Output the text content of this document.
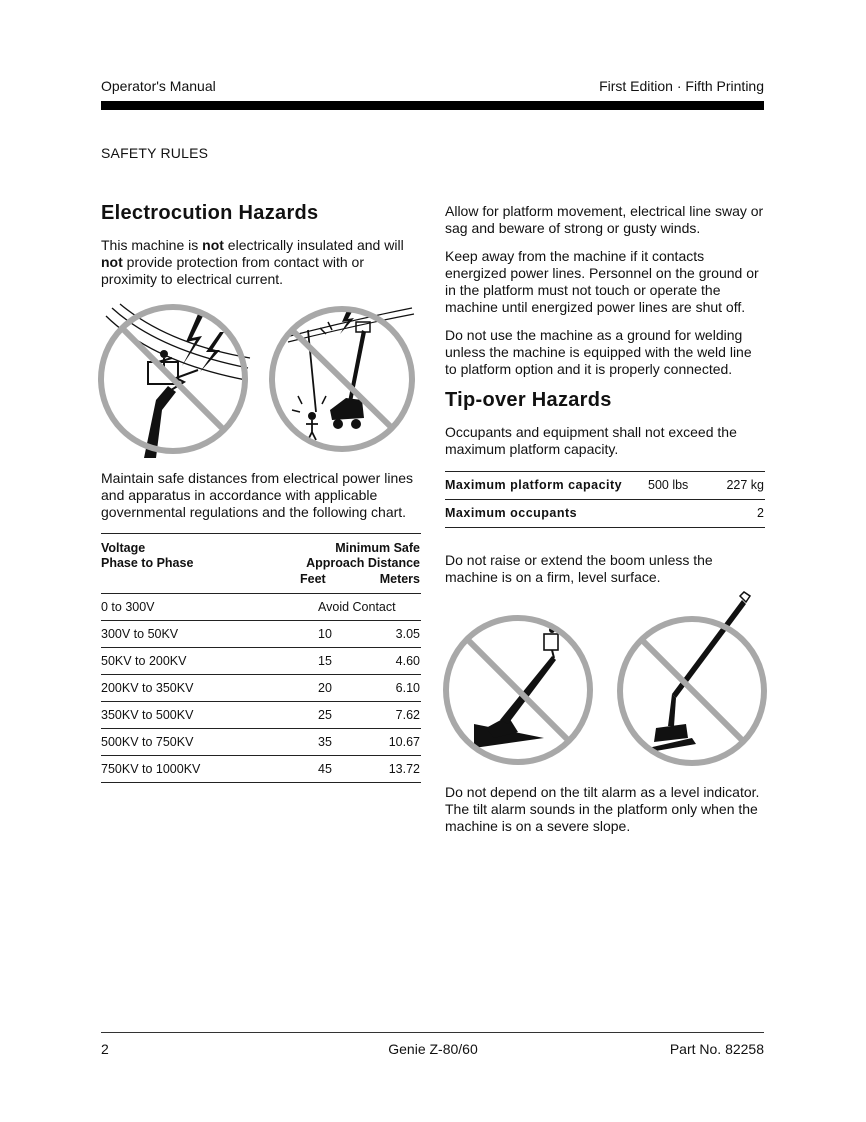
Operator's Manual	First Edition · Fifth Printing
SAFETY RULES
Electrocution Hazards

This machine is not electrically insulated and will not provide protection from contact with or proximity to electrical current.

Maintain safe distances from electrical power lines and apparatus in accordance with applicable governmental regulations and the following chart.

Voltage
Phase to Phase
Minimum Safe
Approach Distance
Feet	Meters
0 to 300V	Avoid Contact
300V to 50KV	10	3.05
50KV to 200KV	15	4.60
200KV to 350KV	20	6.10
350KV to 500KV	25	7.62
500KV to 750KV	35	10.67
750KV to 1000KV	45	13.72

Allow for platform movement, electrical line sway or sag and beware of strong or gusty winds.

Keep away from the machine if it contacts energized power lines. Personnel on the ground or in the platform must not touch or operate the machine until energized power lines are shut off.

Do not use the machine as a ground for welding unless the machine is equipped with the weld line to platform option and it is properly connected.

Tip-over Hazards

Occupants and equipment shall not exceed the maximum platform capacity.

Maximum platform capacity 500 lbs	227 kg
Maximum occupants	2

Do not raise or extend the boom unless the machine is on a firm, level surface.

Do not depend on the tilt alarm as a level indicator. The tilt alarm sounds in the platform only when the machine is on a severe slope.

2	Genie Z-80/60	Part No. 82258
